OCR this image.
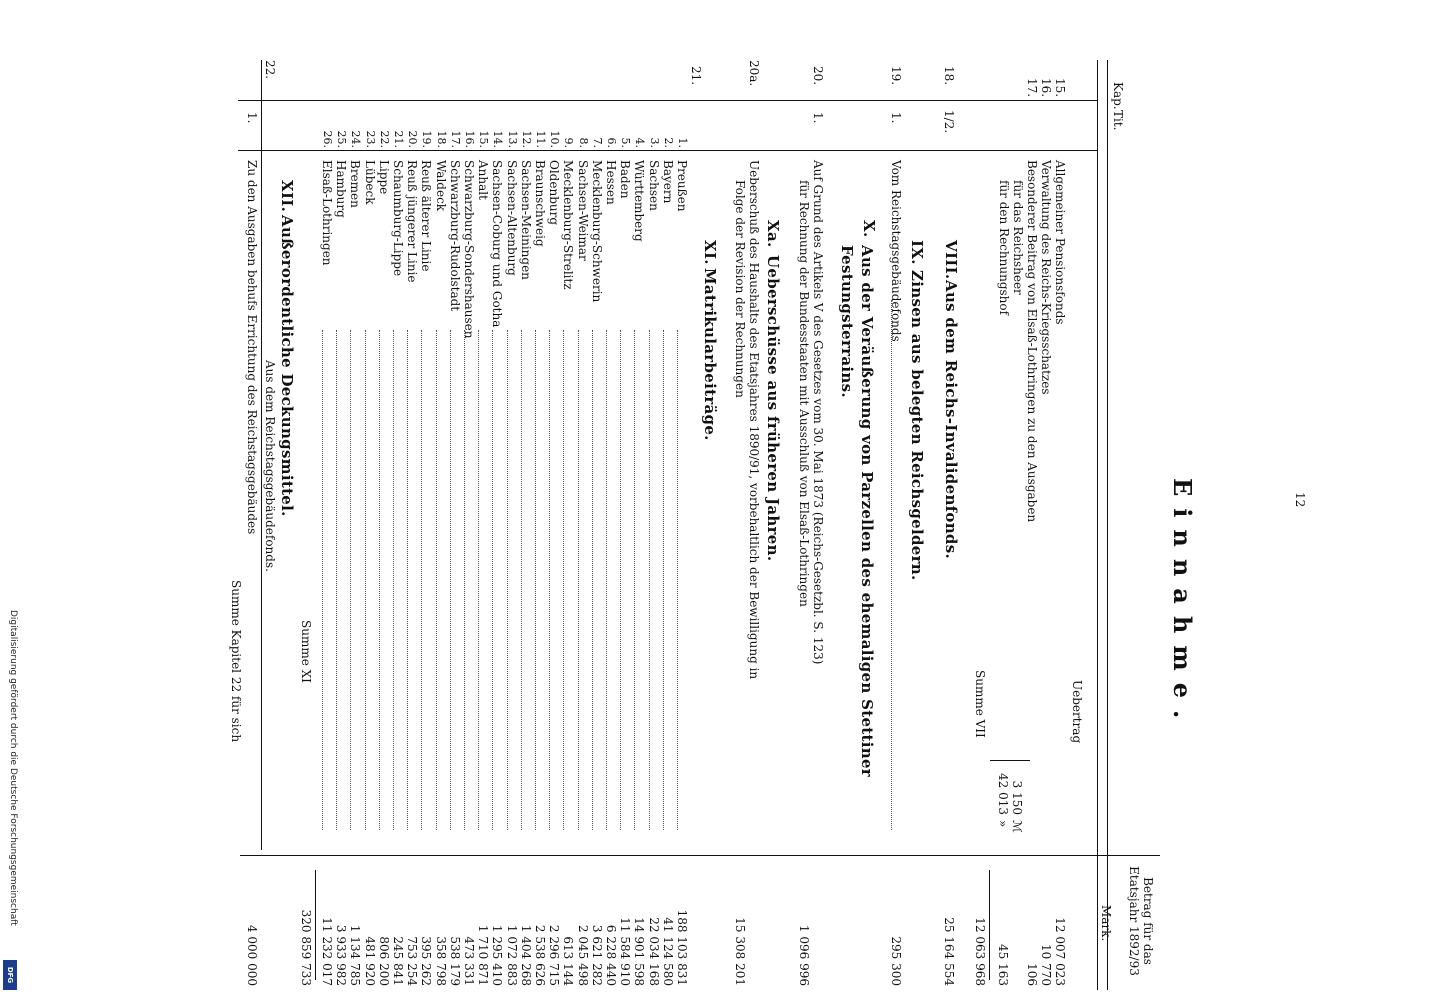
12
Einnahme.
Kap.
Tit.
Betrag für das Etatsjahr 1892/93
Mark.
Uebertrag
15.
Allgemeiner Pensionsfonds
12 007 023
16.
Verwaltung des Reichs-Kriegsschatzes
10 770
17.
Besonderer Beitrag von Elsaß-Lothringen zu den Ausgaben
106
für das Reichsheer
für den Rechnungshof
3 150
ℳ
42 013
»
45 163
Summe VII
12 063 968
VIII.
Aus dem Reichs-Invalidenfonds.
18.
1/2.
25 164 554
IX.
Zinsen aus belegten Reichsgeldern.
19.
1.
Vom Reichstagsgebäudefonds
295 300
X.
Aus der Veräußerung von Parzellen des ehemaligen Stettiner Festungsterrains.
20.
1.
Auf Grund des Artikels V des Gesetzes vom 30. Mai 1873 (Reichs-Gesetzbl. S. 123)
für Rechnung der Bundesstaaten mit Ausschluß von Elsaß-Lothringen
1 096 996
Xa.
Ueberschüsse aus früheren Jahren.
20a.
Ueberschuß des Haushalts des Etatsjahres 1890/91, vorbehaltlich der Bewilligung in
Folge der Revision der Rechnungen
15 308 201
XI.
Matrikularbeiträge.
21.
1.
Preußen
188 103 831
2.
Bayern
41 124 580
3.
Sachsen
22 034 168
4.
Württemberg
14 901 598
5.
Baden
11 584 910
6.
Hessen
6 228 440
7.
Mecklenburg-Schwerin
3 621 282
8.
Sachsen-Weimar
2 045 498
9.
Mecklenburg-Strelitz
613 144
10.
Oldenburg
2 296 715
11.
Braunschweig
2 538 626
12.
Sachsen-Meiningen
1 404 268
13.
Sachsen-Altenburg
1 072 883
14.
Sachsen-Coburg und Gotha
1 295 410
15.
Anhalt
1 710 871
16.
Schwarzburg-Sondershausen
473 331
17.
Schwarzburg-Rudolstadt
538 179
18.
Waldeck
358 798
19.
Reuß älterer Linie
395 262
20.
Reuß jüngerer Linie
753 254
21.
Schaumburg-Lippe
245 841
22.
Lippe
806 200
23.
Lübeck
481 920
24.
Bremen
1 134 785
25.
Hamburg
3 933 982
26.
Elsaß-Lothringen
11 232 017
Summe XI
320 859 733
XII.
Außerordentliche Deckungsmittel.
22.
Aus dem Reichstagsgebäudefonds.
1.
Zu den Ausgaben behufs Errichtung des Reichstagsgebäudes
Summe Kapitel 22 für sich
4 000 000
Digitalisierung gefördert durch die Deutsche Forschungsgemeinschaft
DFG
